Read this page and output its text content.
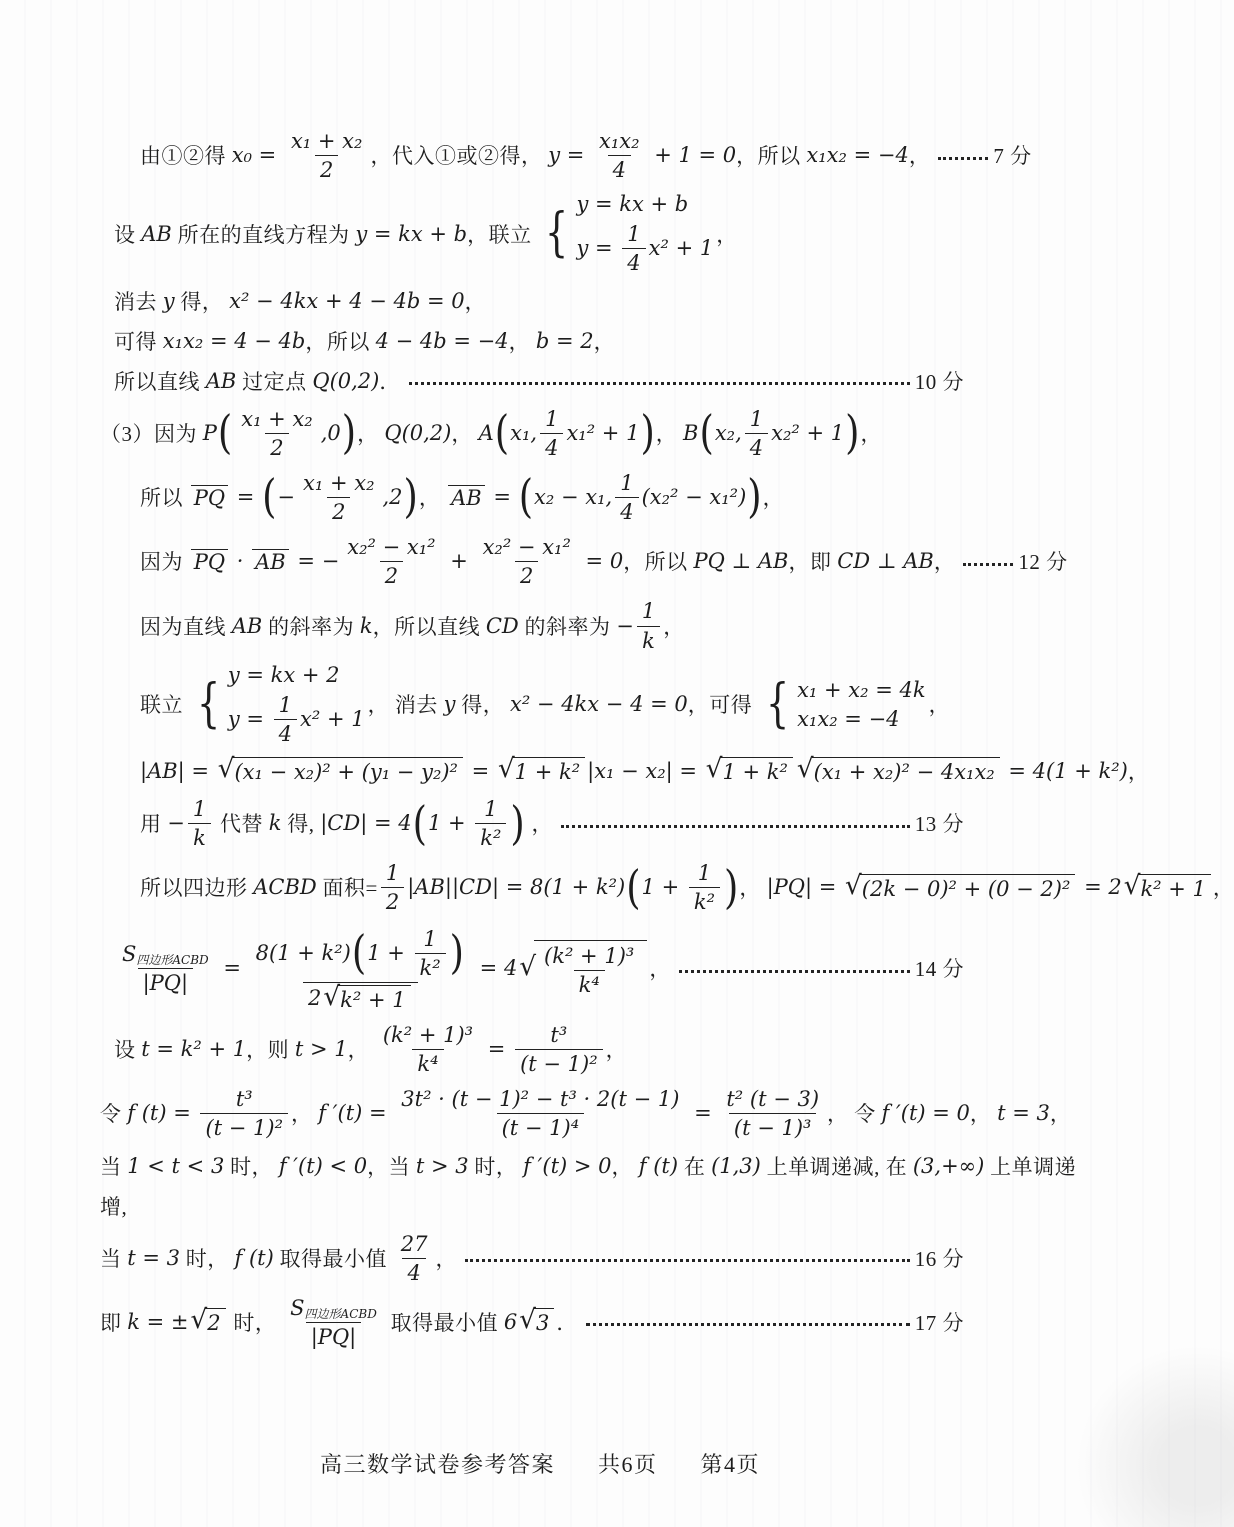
由①②得 $x_0 = \frac{\text{x₁ + x₂}}{2}$ ，代入①或②得， $y = \frac{\text{x₁x₂}}{4} + 1 = 0$ ，所以 x₁x₂ = −4 ，	7 分
设 AB 所在的直线方程为 y = kx + b ，联立 { y = kx + b
$y = \frac{1}{4} x^2 + 1$
，
消去 y 得， x² − 4kx + 4 − 4b = 0 ，
可得 x₁x₂ = 4 − 4b ，所以 4 − 4b = −4 ， b = 2 ，
所以直线 AB 过定点 Q(0,2) ．	10 分
（3）因为 P ( $\frac{\text{x₁ + x₂}}{2} ,0$ ) ， Q(0,2) ， A ( x₁, $\frac{1}{4} x_1^2 + 1$ ) ， B ( x₂, $\frac{1}{4} x_2^2 + 1$ ) ，
所以 PQ = ( − $\frac{\text{x₁ + x₂}}{2} ,2$ ) ， AB = ( x₂ − x₁, $\frac{1}{4} (x_2^2 - x_1^2)$ ) ，
因为 PQ · AB = − $\frac{\text{x₂² − x₁²}}{2} + \frac{\text{x₂² − x₁²}}{2} = 0$ ，所以 PQ ⊥ AB ，即 CD ⊥ AB ，	12 分
因为直线 AB 的斜率为 k ，所以直线 CD 的斜率为 − $\frac{1}{k}$ ，
联立 { y = kx + 2
$y = \frac{1}{4} x^2 + 1$
， 消去 y 得， x² − 4kx − 4 = 0 ，可得 { x₁ + x₂ = 4k
x₁x₂ = −4
，
|AB| = √ (x₁ − x₂)² + (y₁ − y₂)² = √ 1 + k² |x₁ − x₂| = √ 1 + k² √ (x₁ + x₂)² − 4x₁x₂ = 4(1 + k²) ，
用 − $\frac{1}{k}$ 代替 k 得, |CD| = 4 ( $1 + \frac{1}{\text{k²}}$ ) ，	13 分
所以四边形 ACBD 面积= $\frac{1}{2} |AB||CD| = 8(1 + k^2)$ ( $1 + \frac{1}{\text{k²}}$ ) ， |PQ| = √ (2k − 0)² + (0 − 2)² = 2 √ k² + 1 ，
S 四边形ACBD
|PQ|
= $\frac{8(1 + k^2) ( 1 + \frac{1}{\text{k²}} )}{\text{2 √ k² + 1}} = 4$ √ $\frac{\text{(k² + 1)³}}{\text{k⁴}}$ ，	14 分
设 t = k² + 1 ，则 t > 1 ， $\frac{\text{(k² + 1)³}}{\text{k⁴}} = \frac{\text{t³}}{\text{(t − 1)²}}$ ，
令 f $(t) = \frac{\text{t³}}{\text{(t − 1)²}}$ ， f $'(t) = \frac{\text{3t² · (t − 1)² − t³ · 2(t − 1)}}{\text{(t − 1)⁴}} = \frac{\text{t² (t − 3)}}{\text{(t − 1)³}}$ ， 令 f ′(t) = 0 ， t = 3 ，
当 1 < t < 3 时， f ′(t) < 0 ，当 t > 3 时， f ′(t) > 0 ， f (t) 在 (1,3) 上单调递减, 在 (3,+∞) 上单调递
增,
当 t = 3 时， f (t) 取得最小值 $\frac{27}{4}$ ，	16 分
即 k = ± √ 2 时，
S 四边形ACBD
|PQ|
取得最小值 6 √ 3 ．	17 分
高三数学试卷参考答案 共6页 第4页
